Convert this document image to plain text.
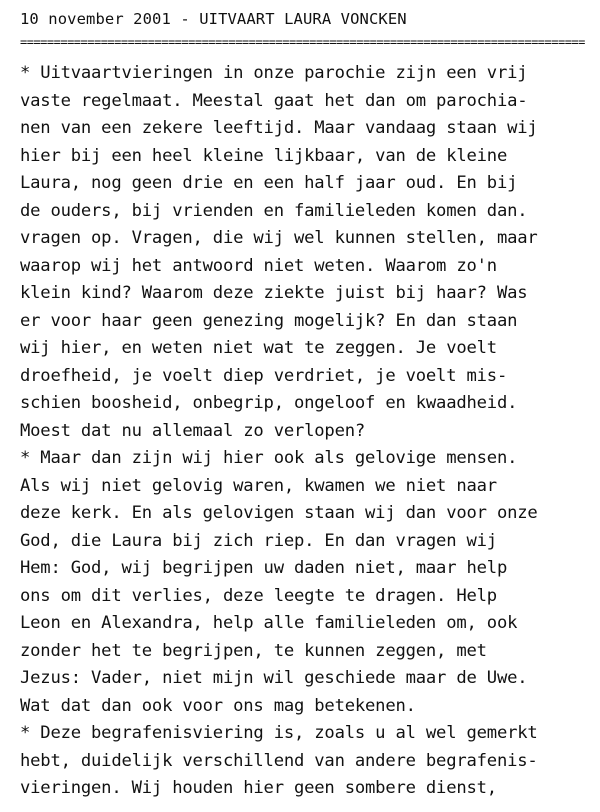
10 november 2001 - UITVAART LAURA VONCKEN
====================================================================================
* Uitvaartvieringen in onze parochie zijn een vrij
vaste regelmaat. Meestal gaat het dan om parochia-
nen van een zekere leeftijd. Maar vandaag staan wij
hier bij een heel kleine lijkbaar, van de kleine
Laura, nog geen drie en een half jaar oud. En bij
de ouders, bij vrienden en familieleden komen dan.
vragen op. Vragen, die wij wel kunnen stellen, maar
waarop wij het antwoord niet weten. Waarom zo'n
klein kind? Waarom deze ziekte juist bij haar? Was
er voor haar geen genezing mogelijk? En dan staan
wij hier, en weten niet wat te zeggen. Je voelt
droefheid, je voelt diep verdriet, je voelt mis-
schien boosheid, onbegrip, ongeloof en kwaadheid.
Moest dat nu allemaal zo verlopen?
* Maar dan zijn wij hier ook als gelovige mensen.
Als wij niet gelovig waren, kwamen we niet naar
deze kerk. En als gelovigen staan wij dan voor onze
God, die Laura bij zich riep. En dan vragen wij
Hem: God, wij begrijpen uw daden niet, maar help
ons om dit verlies, deze leegte te dragen. Help
Leon en Alexandra, help alle familieleden om, ook
zonder het te begrijpen, te kunnen zeggen, met
Jezus: Vader, niet mijn wil geschiede maar de Uwe.
Wat dat dan ook voor ons mag betekenen.
* Deze begrafenisviering is, zoals u al wel gemerkt
hebt, duidelijk verschillend van andere begrafenis-
vieringen. Wij houden hier geen sombere dienst,
